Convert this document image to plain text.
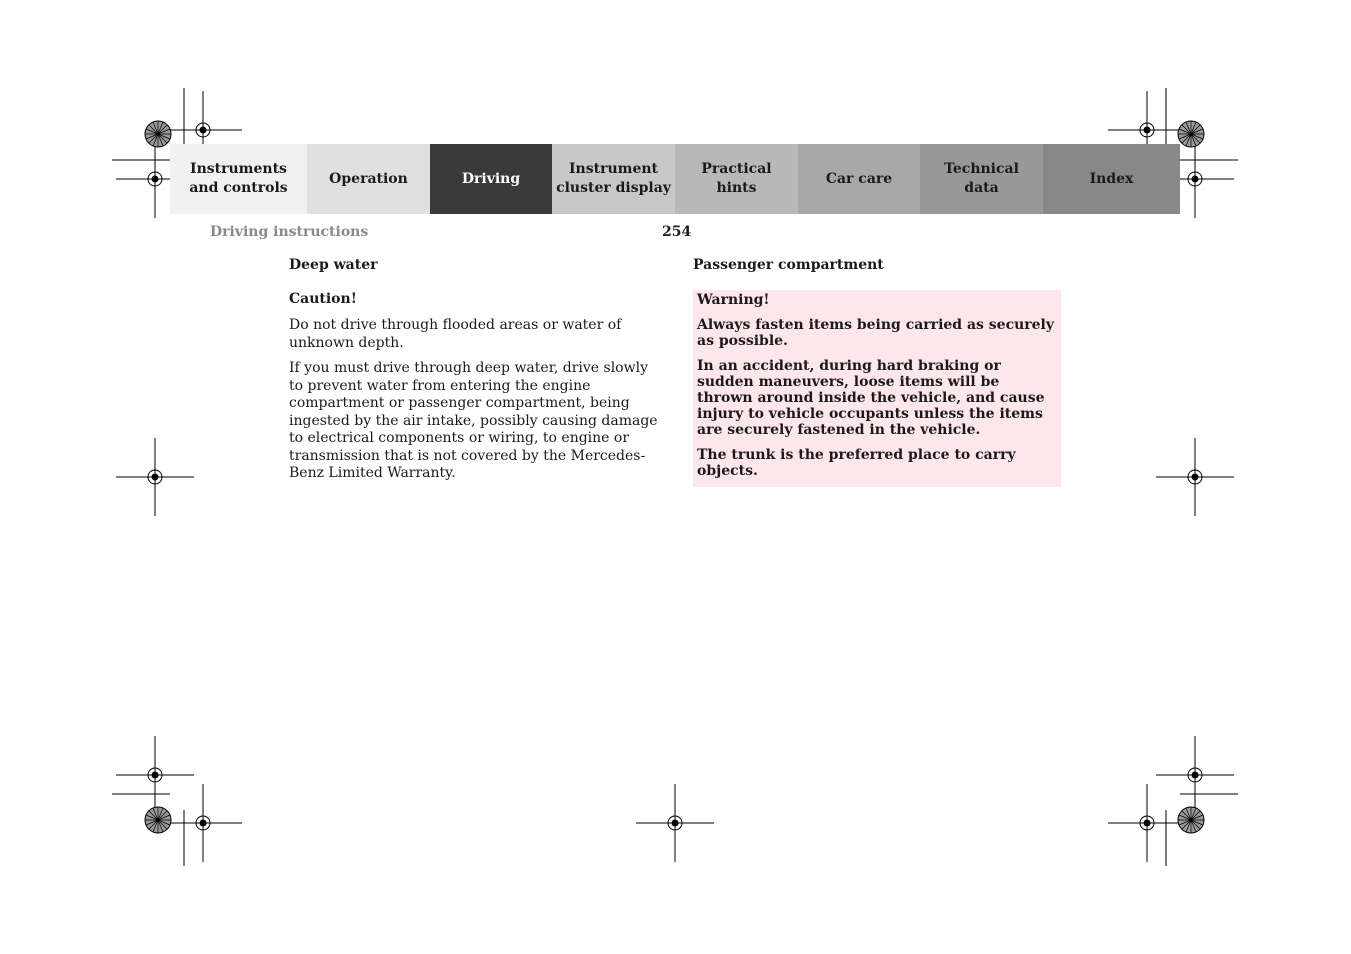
Instruments
and controls
Operation	Driving
Instrument
cluster display
Practical hints
Car care
Technical
data
Index
Driving instructions	254

Deep water

Caution!

Do not drive through flooded areas or water of unknown depth.

If you must drive through deep water, drive slowly to prevent water from entering the engine compartment or passenger compartment, being ingested by the air intake, possibly causing damage to electrical components or wiring, to engine or transmission that is not covered by the Mercedes-Benz Limited Warranty.

Passenger compartment

Warning!

Always fasten items being carried as securely as possible.

In an accident, during hard braking or sudden maneuvers, loose items will be thrown around inside the vehicle, and cause injury to vehicle occupants unless the items are securely fastened in the vehicle.

The trunk is the preferred place to carry objects.
